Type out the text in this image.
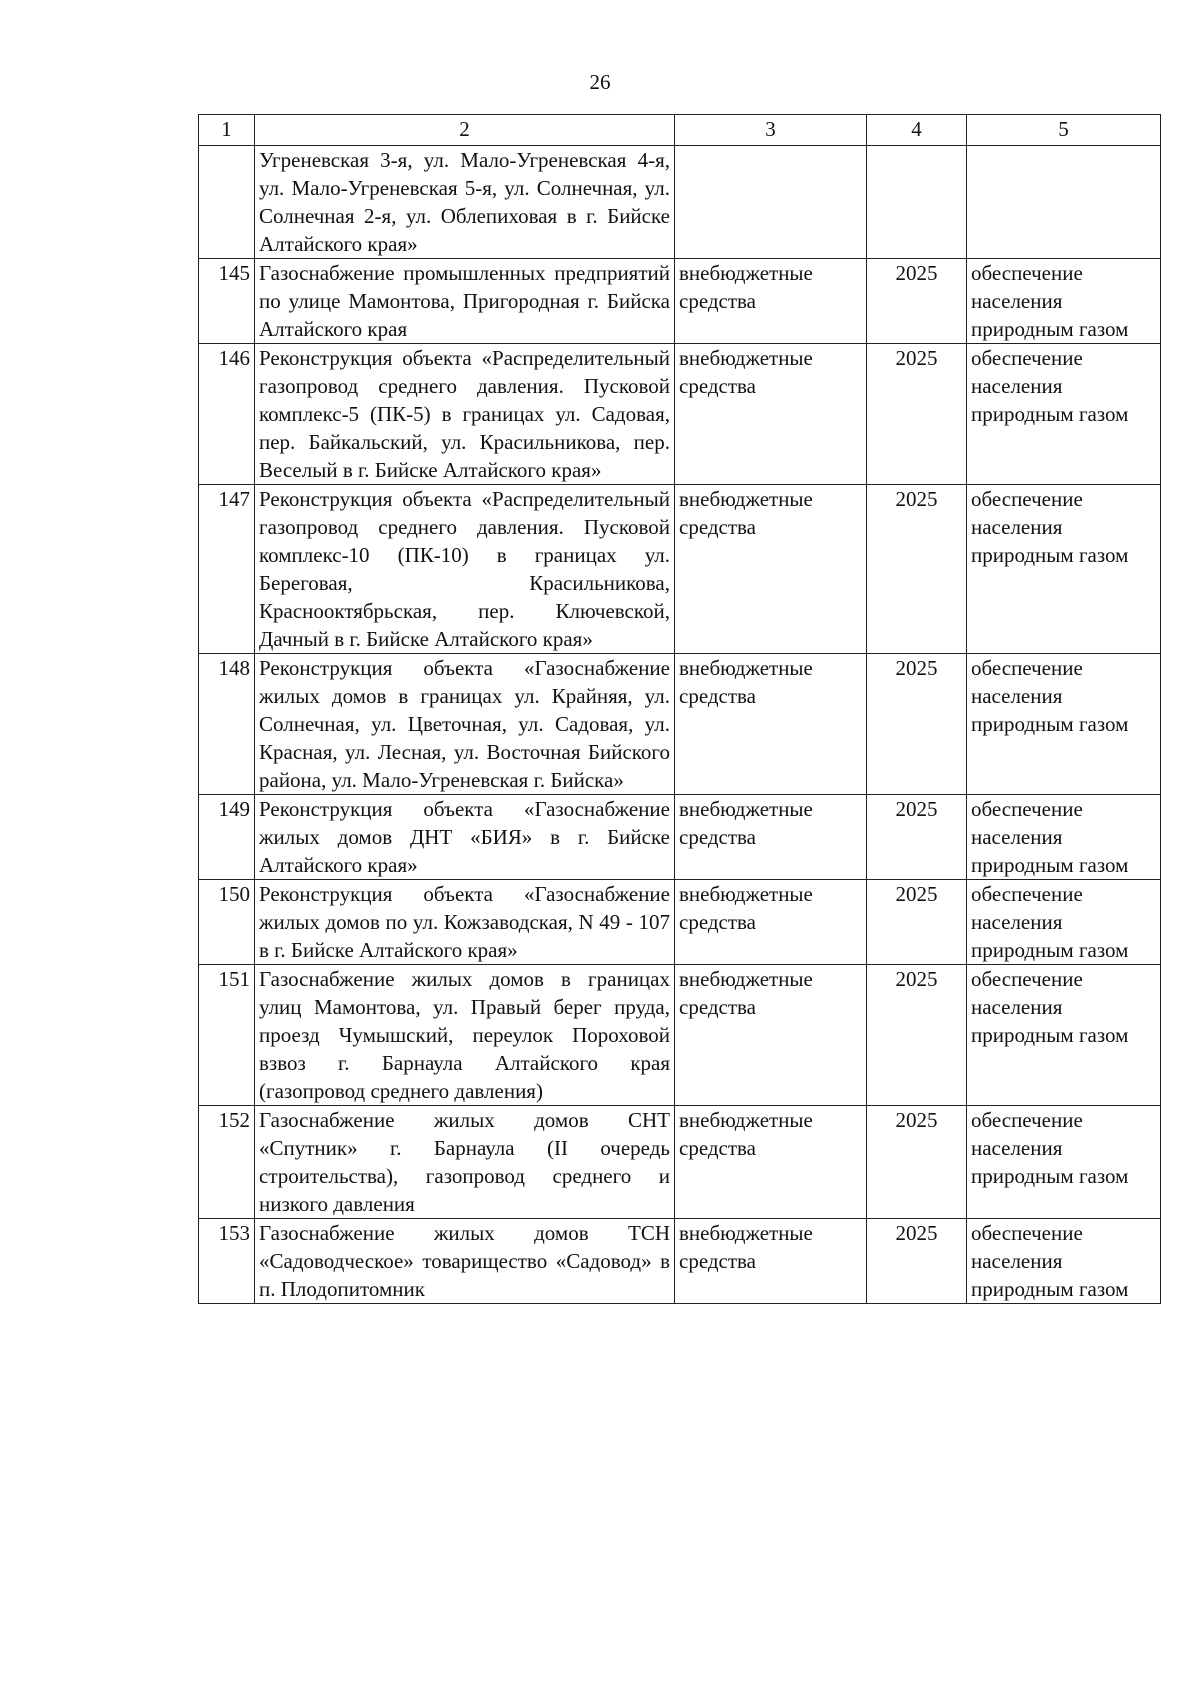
26
1	2	3	4	5
	Угреневская 3-я, ул. Мало-Угреневская 4-я, ул. Мало-Угреневская 5-я, ул. Солнечная, ул. Солнечная 2-я, ул. Облепиховая в г. Бийске Алтайского края»			
145	Газоснабжение промышленных предприятий по улице Мамонтова, Пригородная г. Бийска Алтайского края	внебюджетные средства	2025	обеспечение населения природным газом
146	Реконструкция объекта «Распределительный газопровод среднего давления. Пусковой комплекс-5 (ПК-5) в границах ул. Садовая, пер. Байкальский, ул. Красильникова, пер. Веселый в г. Бийске Алтайского края»	внебюджетные средства	2025	обеспечение населения природным газом
147	Реконструкция объекта «Распределительный газопровод среднего давления. Пусковой комплекс-10 (ПК-10) в границах ул. Береговая, Красильникова, Краснооктябрьская, пер. Ключевской, Дачный в г. Бийске Алтайского края»	внебюджетные средства	2025	обеспечение населения природным газом
148	Реконструкция объекта «Газоснабжение жилых домов в границах ул. Крайняя, ул. Солнечная, ул. Цветочная, ул. Садовая, ул. Красная, ул. Лесная, ул. Восточная Бийского района, ул. Мало-Угреневская г. Бийска»	внебюджетные средства	2025	обеспечение населения природным газом
149	Реконструкция объекта «Газоснабжение жилых домов ДНТ «БИЯ» в г. Бийске Алтайского края»	внебюджетные средства	2025	обеспечение населения природным газом
150	Реконструкция объекта «Газоснабжение жилых домов по ул. Кожзаводская, N 49 - 107 в г. Бийске Алтайского края»	внебюджетные средства	2025	обеспечение населения природным газом
151	Газоснабжение жилых домов в границах улиц Мамонтова, ул. Правый берег пруда, проезд Чумышский, переулок Пороховой взвоз г. Барнаула Алтайского края (газопровод среднего давления)	внебюджетные средства	2025	обеспечение населения природным газом
152	Газоснабжение жилых домов СНТ «Спутник» г. Барнаула (II очередь строительства), газопровод среднего и низкого давления	внебюджетные средства	2025	обеспечение населения природным газом
153	Газоснабжение жилых домов ТСН «Садоводческое» товарищество «Садовод» в п. Плодопитомник	внебюджетные средства	2025	обеспечение населения природным газом
